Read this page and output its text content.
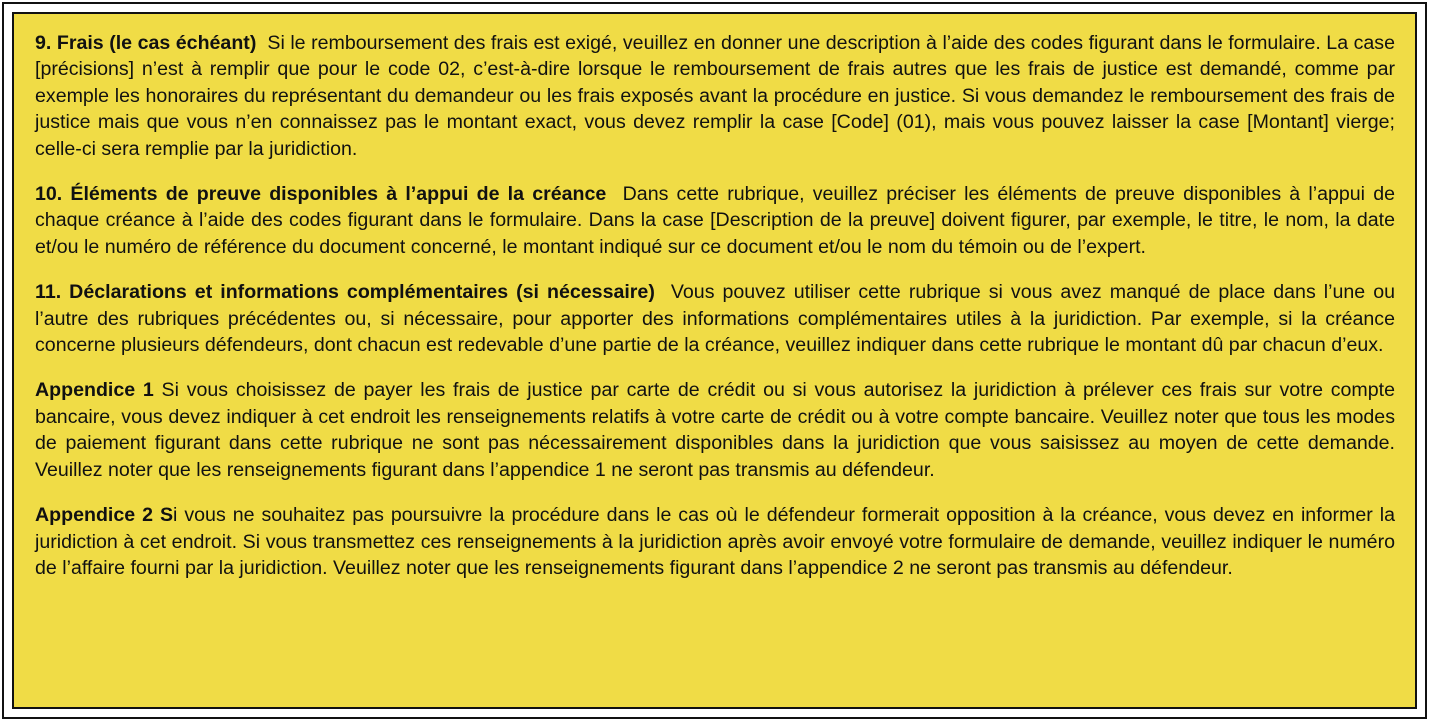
9. Frais (le cas échéant) Si le remboursement des frais est exigé, veuillez en donner une description à l’aide des codes figurant dans le formulaire. La case [précisions] n’est à remplir que pour le code 02, c’est-à-dire lorsque le remboursement de frais autres que les frais de justice est demandé, comme par exemple les honoraires du représentant du demandeur ou les frais exposés avant la procédure en justice. Si vous demandez le remboursement des frais de justice mais que vous n’en connaissez pas le montant exact, vous devez remplir la case [Code] (01), mais vous pouvez laisser la case [Montant] vierge; celle-ci sera remplie par la juridiction.

10. Éléments de preuve disponibles à l’appui de la créance Dans cette rubrique, veuillez préciser les éléments de preuve disponibles à l’appui de chaque créance à l’aide des codes figurant dans le formulaire. Dans la case [Description de la preuve] doivent figurer, par exemple, le titre, le nom, la date et/ou le numéro de référence du document concerné, le montant indiqué sur ce document et/ou le nom du témoin ou de l’expert.

11. Déclarations et informations complémentaires (si nécessaire) Vous pouvez utiliser cette rubrique si vous avez manqué de place dans l’une ou l’autre des rubriques précédentes ou, si nécessaire, pour apporter des informations complémentaires utiles à la juridiction. Par exemple, si la créance concerne plusieurs défendeurs, dont chacun est redevable d’une partie de la créance, veuillez indiquer dans cette rubrique le montant dû par chacun d’eux.

Appendice 1 Si vous choisissez de payer les frais de justice par carte de crédit ou si vous autorisez la juridiction à prélever ces frais sur votre compte bancaire, vous devez indiquer à cet endroit les renseignements relatifs à votre carte de crédit ou à votre compte bancaire. Veuillez noter que tous les modes de paiement figurant dans cette rubrique ne sont pas nécessairement disponibles dans la juridiction que vous saisissez au moyen de cette demande. Veuillez noter que les renseignements figurant dans l’appendice 1 ne seront pas transmis au défendeur.

Appendice 2 Si vous ne souhaitez pas poursuivre la procédure dans le cas où le défendeur formerait opposition à la créance, vous devez en informer la juridiction à cet endroit. Si vous transmettez ces renseignements à la juridiction après avoir envoyé votre formulaire de demande, veuillez indiquer le numéro de l’affaire fourni par la juridiction. Veuillez noter que les renseignements figurant dans l’appendice 2 ne seront pas transmis au défendeur.
